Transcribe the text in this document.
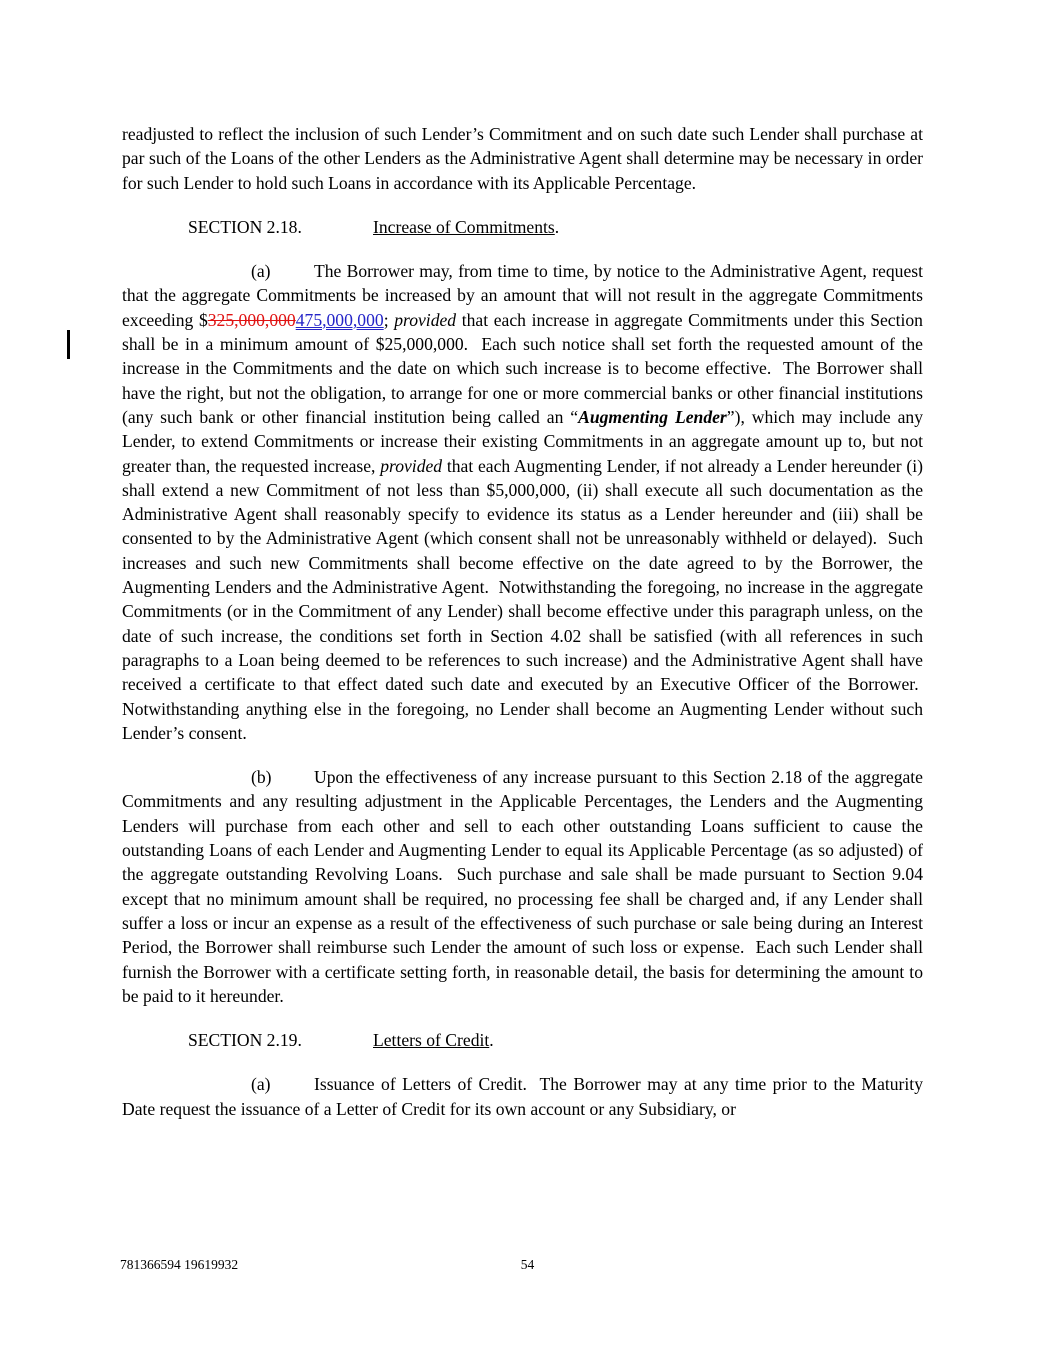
readjusted to reflect the inclusion of such Lender’s Commitment and on such date such Lender shall purchase at par such of the Loans of the other Lenders as the Administrative Agent shall determine may be necessary in order for such Lender to hold such Loans in accordance with its Applicable Percentage.

SECTION 2.18.	Increase of Commitments.

(a) The Borrower may, from time to time, by notice to the Administrative Agent, request that the aggregate Commitments be increased by an amount that will not result in the aggregate Commitments exceeding $325,000,000475,000,000; provided that each increase in aggregate Commitments under this Section shall be in a minimum amount of $25,000,000.  Each such notice shall set forth the requested amount of the increase in the Commitments and the date on which such increase is to become effective.  The Borrower shall have the right, but not the obligation, to arrange for one or more commercial banks or other financial institutions (any such bank or other financial institution being called an “Augmenting Lender”), which may include any Lender, to extend Commitments or increase their existing Commitments in an aggregate amount up to, but not greater than, the requested increase, provided that each Augmenting Lender, if not already a Lender hereunder (i) shall extend a new Commitment of not less than $5,000,000, (ii) shall execute all such documentation as the Administrative Agent shall reasonably specify to evidence its status as a Lender hereunder and (iii) shall be consented to by the Administrative Agent (which consent shall not be unreasonably withheld or delayed).  Such increases and such new Commitments shall become effective on the date agreed to by the Borrower, the Augmenting Lenders and the Administrative Agent.  Notwithstanding the foregoing, no increase in the aggregate Commitments (or in the Commitment of any Lender) shall become effective under this paragraph unless, on the date of such increase, the conditions set forth in Section 4.02 shall be satisfied (with all references in such paragraphs to a Loan being deemed to be references to such increase) and the Administrative Agent shall have received a certificate to that effect dated such date and executed by an Executive Officer of the Borrower.  Notwithstanding anything else in the foregoing, no Lender shall become an Augmenting Lender without such Lender’s consent.

(b) Upon the effectiveness of any increase pursuant to this Section 2.18 of the aggregate Commitments and any resulting adjustment in the Applicable Percentages, the Lenders and the Augmenting Lenders will purchase from each other and sell to each other outstanding Loans sufficient to cause the outstanding Loans of each Lender and Augmenting Lender to equal its Applicable Percentage (as so adjusted) of the aggregate outstanding Revolving Loans.  Such purchase and sale shall be made pursuant to Section 9.04 except that no minimum amount shall be required, no processing fee shall be charged and, if any Lender shall suffer a loss or incur an expense as a result of the effectiveness of such purchase or sale being during an Interest Period, the Borrower shall reimburse such Lender the amount of such loss or expense.  Each such Lender shall furnish the Borrower with a certificate setting forth, in reasonable detail, the basis for determining the amount to be paid to it hereunder.

SECTION 2.19.	Letters of Credit.

(a) Issuance of Letters of Credit.  The Borrower may at any time prior to the Maturity Date request the issuance of a Letter of Credit for its own account or any Subsidiary, or

781366594 19619932	54
